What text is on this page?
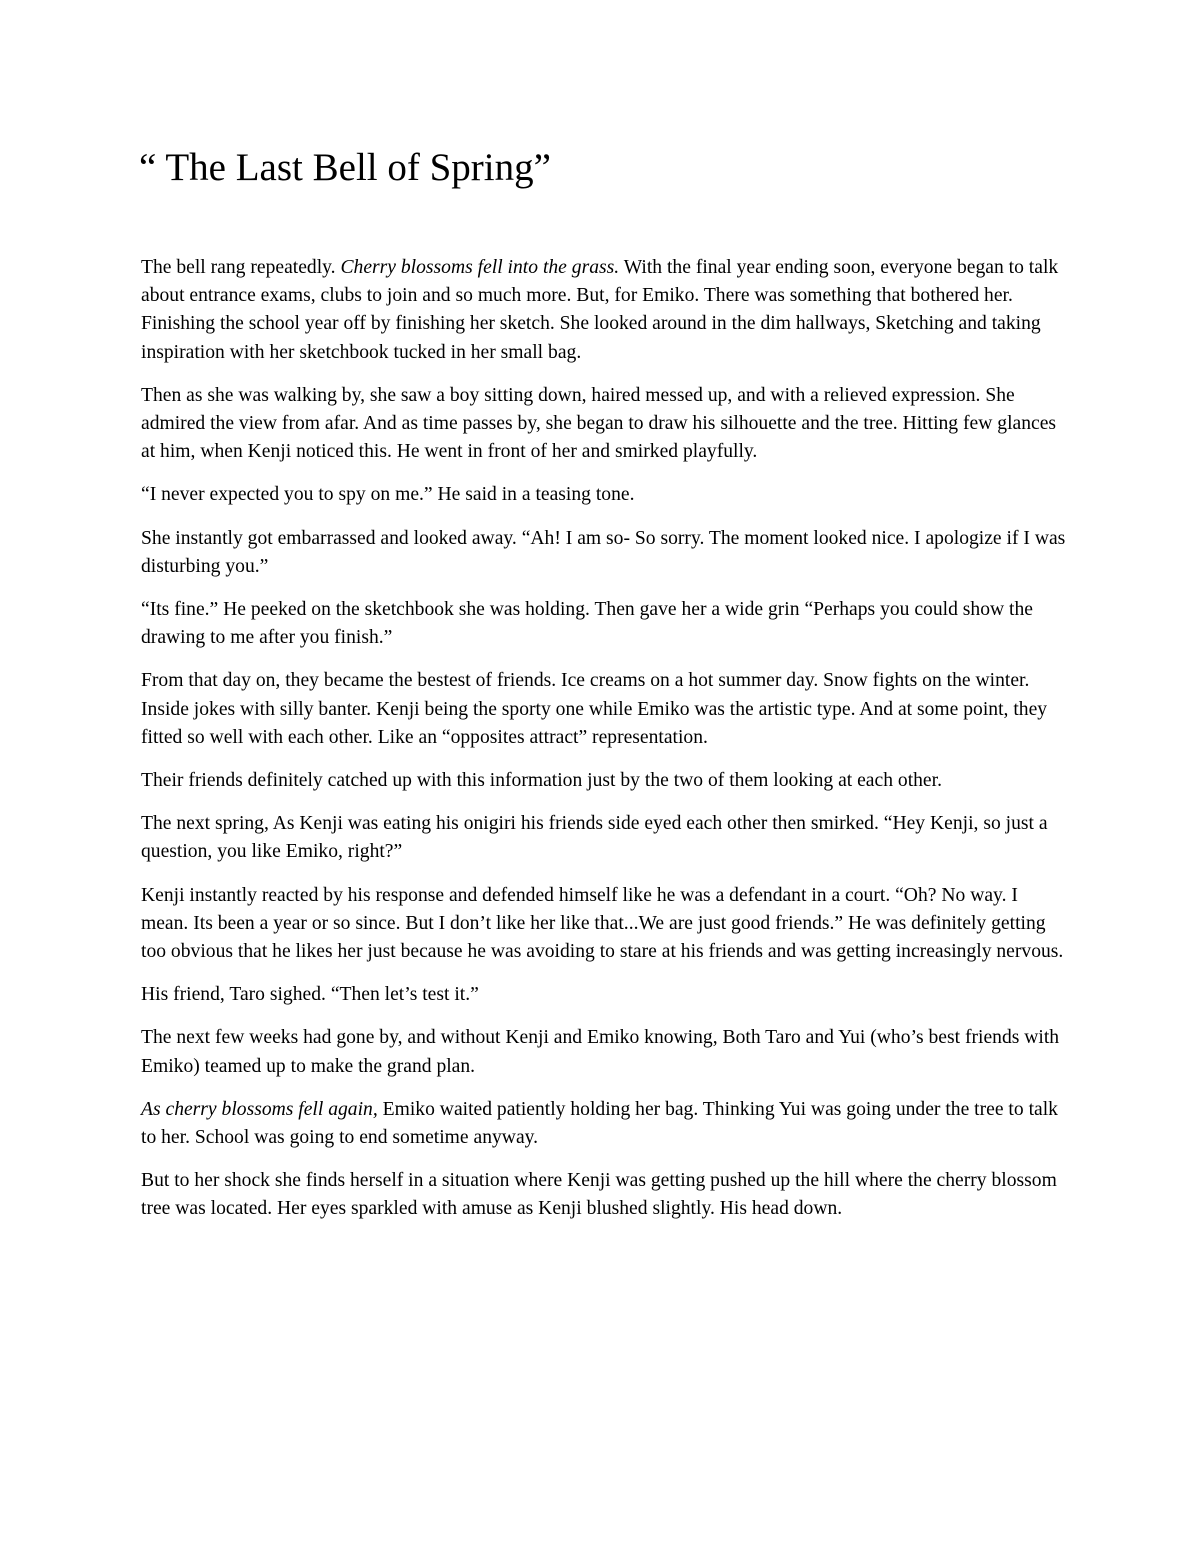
“ The Last Bell of Spring”

The bell rang repeatedly. Cherry blossoms fell into the grass. With the final year ending soon, everyone began to talk about entrance exams, clubs to join and so much more. But, for Emiko. There was something that bothered her. Finishing the school year off by finishing her sketch. She looked around in the dim hallways, Sketching and taking inspiration with her sketchbook tucked in her small bag.

Then as she was walking by, she saw a boy sitting down, haired messed up, and with a relieved expression. She admired the view from afar. And as time passes by, she began to draw his silhouette and the tree. Hitting few glances at him, when Kenji noticed this. He went in front of her and smirked playfully.

“I never expected you to spy on me.” He said in a teasing tone.

She instantly got embarrassed and looked away. “Ah! I am so- So sorry. The moment looked nice. I apologize if I was disturbing you.”

“Its fine.” He peeked on the sketchbook she was holding. Then gave her a wide grin “Perhaps you could show the drawing to me after you finish.”

From that day on, they became the bestest of friends. Ice creams on a hot summer day. Snow fights on the winter. Inside jokes with silly banter. Kenji being the sporty one while Emiko was the artistic type. And at some point, they fitted so well with each other. Like an “opposites attract” representation.

Their friends definitely catched up with this information just by the two of them looking at each other.

The next spring, As Kenji was eating his onigiri his friends side eyed each other then smirked. “Hey Kenji, so just a question, you like Emiko, right?”

Kenji instantly reacted by his response and defended himself like he was a defendant in a court. “Oh? No way. I mean. Its been a year or so since. But I don’t like her like that...We are just good friends.” He was definitely getting too obvious that he likes her just because he was avoiding to stare at his friends and was getting increasingly nervous.

His friend, Taro sighed. “Then let’s test it.”

The next few weeks had gone by, and without Kenji and Emiko knowing, Both Taro and Yui (who’s best friends with Emiko) teamed up to make the grand plan.

As cherry blossoms fell again, Emiko waited patiently holding her bag. Thinking Yui was going under the tree to talk to her. School was going to end sometime anyway.

But to her shock she finds herself in a situation where Kenji was getting pushed up the hill where the cherry blossom tree was located. Her eyes sparkled with amuse as Kenji blushed slightly. His head down.
